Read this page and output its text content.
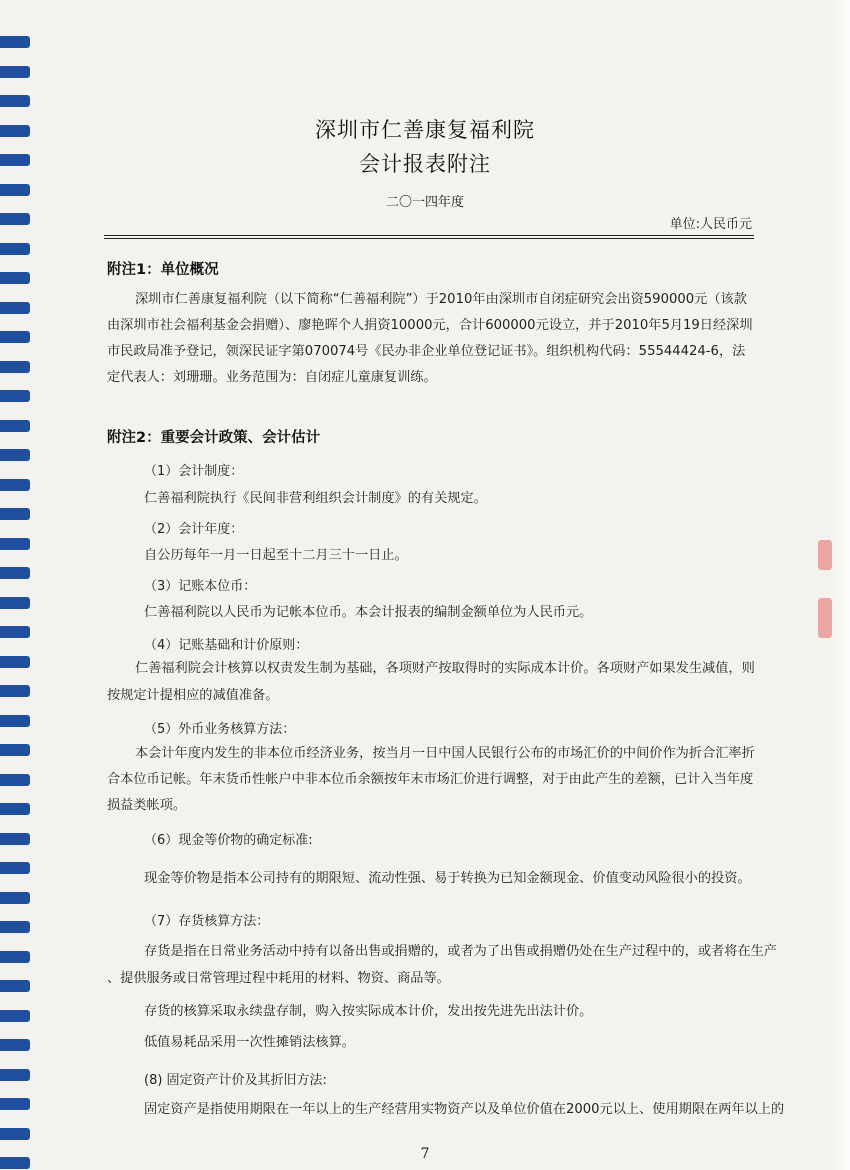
深圳市仁善康复福利院
会计报表附注
二〇一四年度
单位:人民币元
附注1：单位概况
深圳市仁善康复福利院（以下简称“仁善福利院”）于2010年由深圳市自闭症研究会出资590000元（该款由深圳市社会福利基金会捐赠）、廖艳晖个人捐资10000元，合计600000元设立，并于2010年5月19日经深圳市民政局准予登记，领深民证字第070074号《民办非企业单位登记证书》。组织机构代码：55544424-6，法定代表人：刘珊珊。业务范围为：自闭症儿童康复训练。
附注2：重要会计政策、会计估计
（1）会计制度：
仁善福利院执行《民间非营利组织会计制度》的有关规定。
（2）会计年度：
自公历每年一月一日起至十二月三十一日止。
（3）记账本位币：
仁善福利院以人民币为记帐本位币。本会计报表的编制金额单位为人民币元。
（4）记账基础和计价原则：
仁善福利院会计核算以权责发生制为基础，各项财产按取得时的实际成本计价。各项财产如果发生减值，则按规定计提相应的减值准备。
（5）外币业务核算方法：
本会计年度内发生的非本位币经济业务，按当月一日中国人民银行公布的市场汇价的中间价作为折合汇率折合本位币记帐。年末货币性帐户中非本位币余额按年末市场汇价进行调整，对于由此产生的差额，已计入当年度损益类帐项。
（6）现金等价物的确定标准:
现金等价物是指本公司持有的期限短、流动性强、易于转换为已知金额现金、价值变动风险很小的投资。
（7）存货核算方法：
存货是指在日常业务活动中持有以备出售或捐赠的，或者为了出售或捐赠仍处在生产过程中的，或者将在生产
、提供服务或日常管理过程中耗用的材料、物资、商品等。
存货的核算采取永续盘存制，购入按实际成本计价，发出按先进先出法计价。
低值易耗品采用一次性摊销法核算。
(8) 固定资产计价及其折旧方法:
固定资产是指使用期限在一年以上的生产经营用实物资产以及单位价值在2000元以上、使用期限在两年以上的
7
